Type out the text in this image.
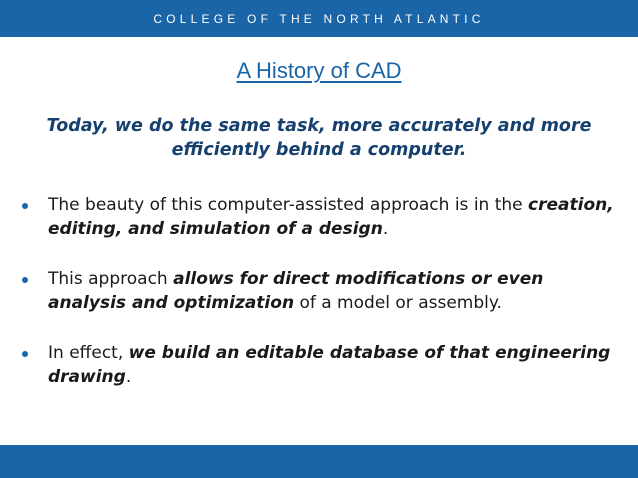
COLLEGE OF THE NORTH ATLANTIC
A History of CAD
Today, we do the same task, more accurately and more efficiently behind a computer.
The beauty of this computer-assisted approach is in the creation, editing, and simulation of a design.
This approach allows for direct modifications or even analysis and optimization of a model or assembly.
In effect, we build an editable database of that engineering drawing.
